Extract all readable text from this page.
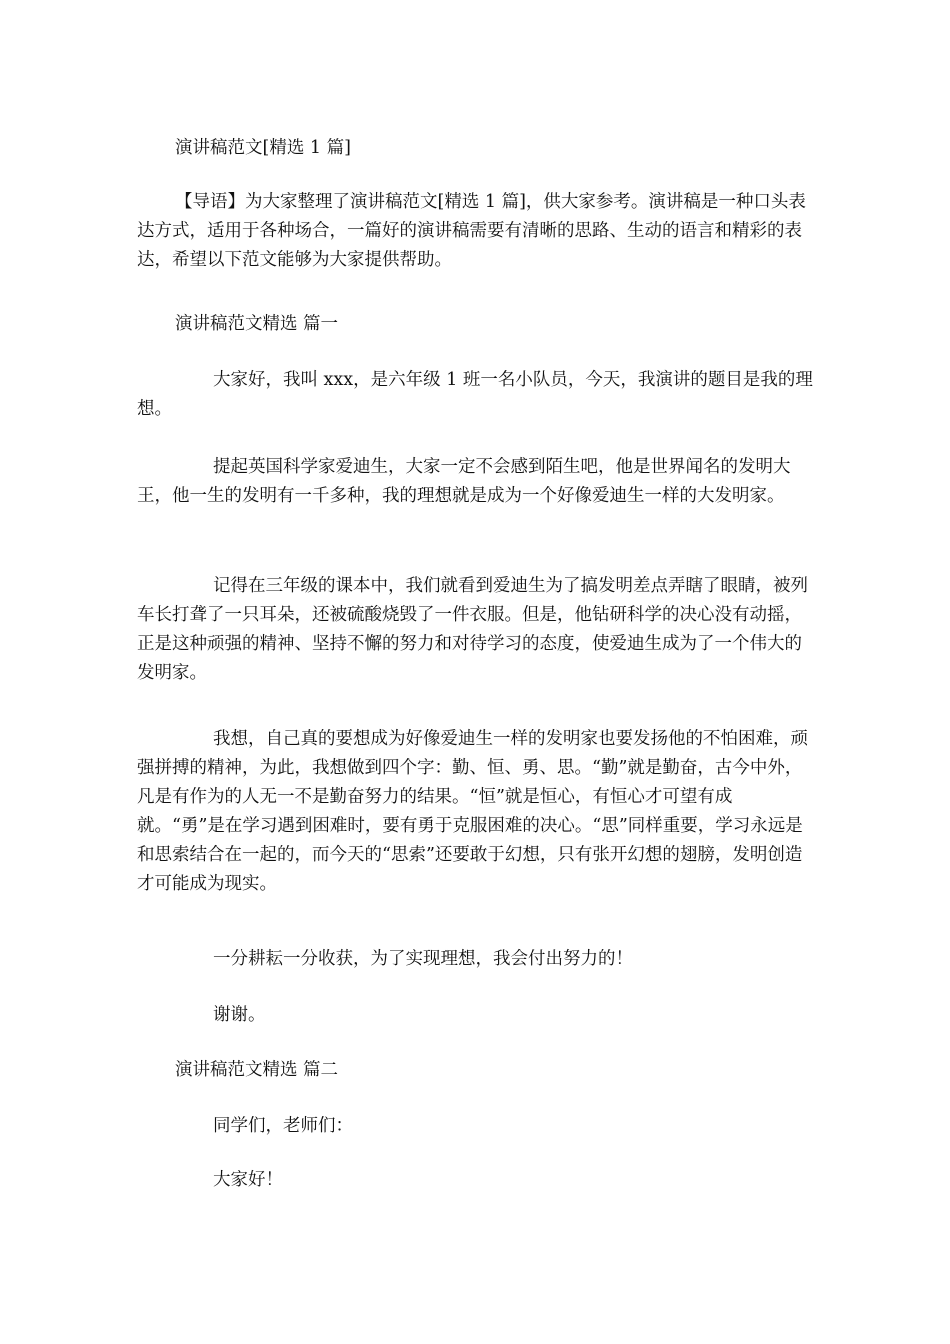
演讲稿范文[精选 1 篇]

【导语】为大家整理了演讲稿范文[精选 1 篇]，供大家参考。演讲稿是一种口头表达方式，适用于各种场合，一篇好的演讲稿需要有清晰的思路、生动的语言和精彩的表达，希望以下范文能够为大家提供帮助。

演讲稿范文精选 篇一

大家好，我叫 xxx，是六年级 1 班一名小队员，今天，我演讲的题目是我的理想。

提起英国科学家爱迪生，大家一定不会感到陌生吧，他是世界闻名的发明大王，他一生的发明有一千多种，我的理想就是成为一个好像爱迪生一样的大发明家。

记得在三年级的课本中，我们就看到爱迪生为了搞发明差点弄瞎了眼睛，被列车长打聋了一只耳朵，还被硫酸烧毁了一件衣服。但是，他钻研科学的决心没有动摇，正是这种顽强的精神、坚持不懈的努力和对待学习的态度，使爱迪生成为了一个伟大的发明家。

我想，自己真的要想成为好像爱迪生一样的发明家也要发扬他的不怕困难，顽强拼搏的精神，为此，我想做到四个字：勤、恒、勇、思。“勤”就是勤奋，古今中外，凡是有作为的人无一不是勤奋努力的结果。“恒”就是恒心，有恒心才可望有成就。“勇”是在学习遇到困难时，要有勇于克服困难的决心。“思”同样重要，学习永远是和思索结合在一起的，而今天的“思索”还要敢于幻想，只有张开幻想的翅膀，发明创造才可能成为现实。

一分耕耘一分收获，为了实现理想，我会付出努力的！

谢谢。

演讲稿范文精选 篇二

同学们，老师们：

大家好！
